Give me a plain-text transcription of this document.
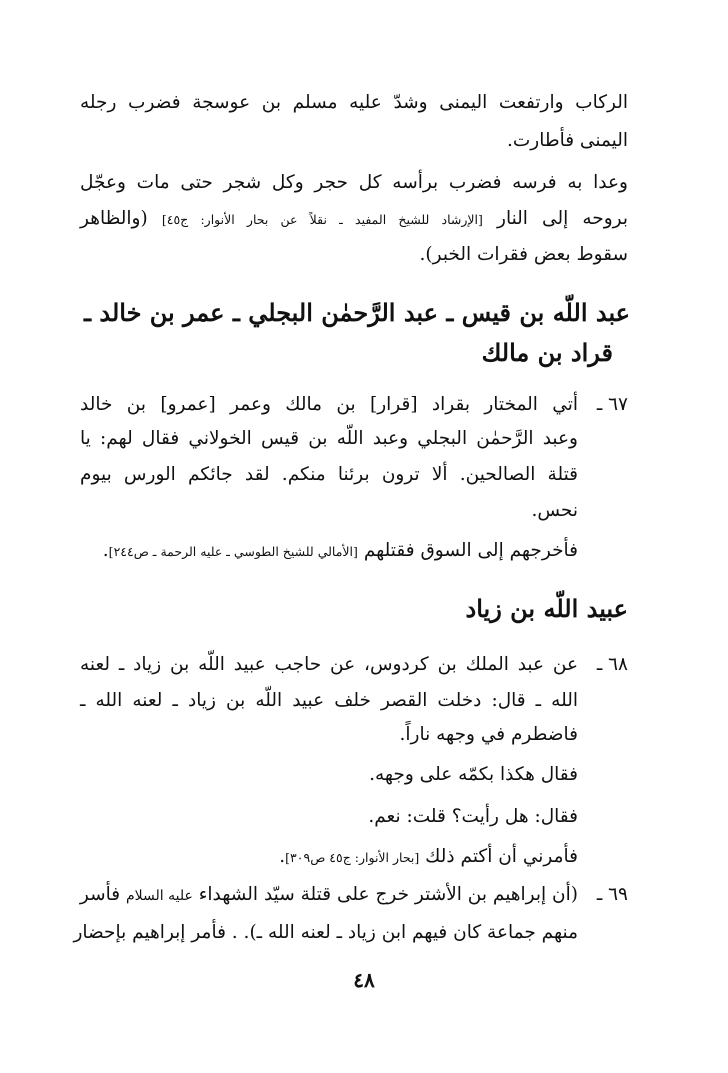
الركاب وارتفعت اليمنى وشدّ عليه مسلم بن عوسجة فضرب رجله
اليمنى فأطارت.
وعدا به فرسه فضرب برأسه كل حجر وكل شجر حتى مات وعجّل
بروحه إلى النار [الإرشاد للشيخ المفيد ـ نقلاً عن بحار الأنوار: ج٤٥] (والظاهر
سقوط بعض فقرات الخبر).
عبد اللّه بن قيس ـ عبد الرَّحمٰن البجلي ـ عمر بن خالد ـ
قراد بن مالك
٦٧ ـ
أتي المختار بقراد [قرار] بن مالك وعمر [عمرو] بن خالد
وعبد الرَّحمٰن البجلي وعبد اللّه بن قيس الخولاني فقال لهم: يا
قتلة الصالحين. ألا ترون برئنا منكم. لقد جائكم الورس بيوم
نحس.
فأخرجهم إلى السوق فقتلهم [الأمالي للشيخ الطوسي ـ عليه الرحمة ـ ص٢٤٤].
عبيد اللّه بن زياد
٦٨ ـ
عن عبد الملك بن كردوس، عن حاجب عبيد اللّه بن زياد ـ لعنه
الله ـ قال: دخلت القصر خلف عبيد اللّه بن زياد ـ لعنه الله ـ
فاضطرم في وجهه ناراً.
فقال هكذا بكمّه على وجهه.
فقال: هل رأيت؟ قلت: نعم.
فأمرني أن أكتم ذلك [بحار الأنوار: ج٤٥ ص٣٠٩].
٦٩ ـ
(أن إبراهيم بن الأشتر خرج على قتلة سيّد الشهداء عليه السلام فأسر
منهم جماعة كان فيهم ابن زياد ـ لعنه الله ـ). . فأمر إبراهيم بإحضار
٤٨
